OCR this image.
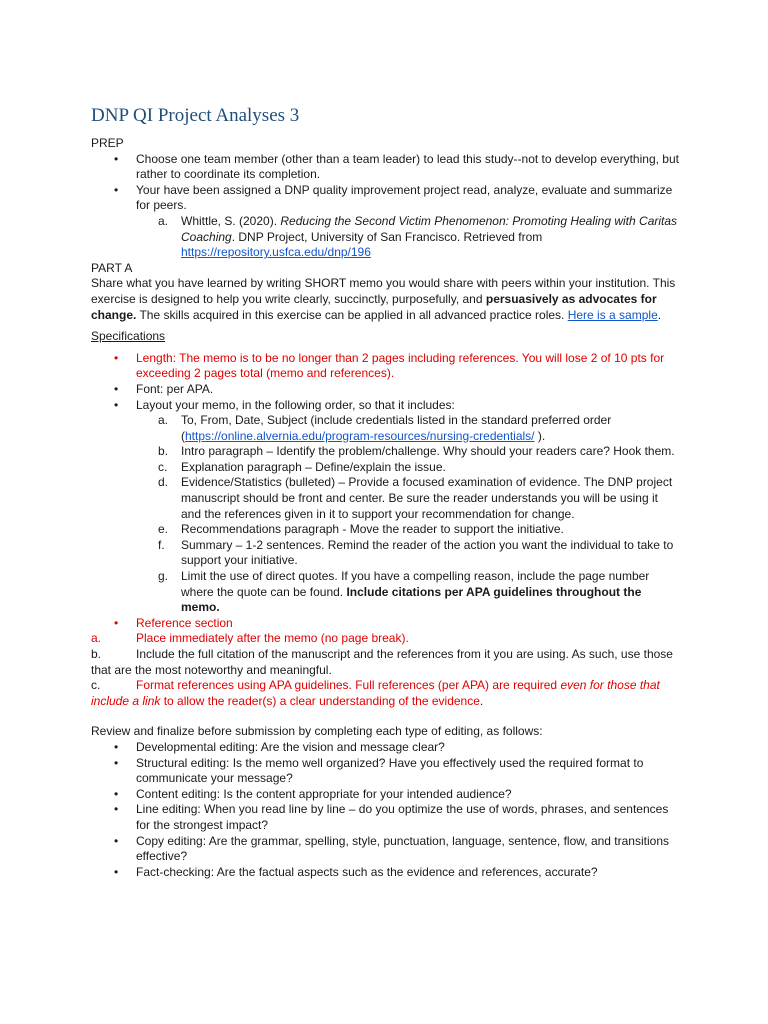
DNP QI Project Analyses 3

PREP

• Choose one team member (other than a team leader) to lead this study--not to develop everything, but rather to coordinate its completion.
• Your have been assigned a DNP quality improvement project read, analyze, evaluate and summarize for peers.
a. Whittle, S. (2020). Reducing the Second Victim Phenomenon: Promoting Healing with Caritas Coaching. DNP Project, University of San Francisco. Retrieved from https://repository.usfca.edu/dnp/196

PART A

Share what you have learned by writing SHORT memo you would share with peers within your institution. This exercise is designed to help you write clearly, succinctly, purposefully, and persuasively as advocates for change. The skills acquired in this exercise can be applied in all advanced practice roles. Here is a sample.

Specifications

• Length: The memo is to be no longer than 2 pages including references. You will lose 2 of 10 pts for exceeding 2 pages total (memo and references).
• Font: per APA.
• Layout your memo, in the following order, so that it includes:
a. To, From, Date, Subject (include credentials listed in the standard preferred order (https://online.alvernia.edu/program-resources/nursing-credentials/ ).
b. Intro paragraph – Identify the problem/challenge. Why should your readers care? Hook them.
c. Explanation paragraph – Define/explain the issue.
d. Evidence/Statistics (bulleted) – Provide a focused examination of evidence. The DNP project manuscript should be front and center. Be sure the reader understands you will be using it and the references given in it to support your recommendation for change.
e. Recommendations paragraph - Move the reader to support the initiative.
f. Summary – 1-2 sentences. Remind the reader of the action you want the individual to take to support your initiative.
g. Limit the use of direct quotes. If you have a compelling reason, include the page number where the quote can be found. Include citations per APA guidelines throughout the memo.
• Reference section
a.	Place immediately after the memo (no page break).

b.	Include the full citation of the manuscript and the references from it you are using. As such, use those that are the most noteworthy and meaningful.

c.	Format references using APA guidelines. Full references (per APA) are required even for those that include a link to allow the reader(s) a clear understanding of the evidence.

Review and finalize before submission by completing each type of editing, as follows:

• Developmental editing: Are the vision and message clear?
• Structural editing: Is the memo well organized? Have you effectively used the required format to communicate your message?
• Content editing: Is the content appropriate for your intended audience?
• Line editing: When you read line by line – do you optimize the use of words, phrases, and sentences for the strongest impact?
• Copy editing: Are the grammar, spelling, style, punctuation, language, sentence, flow, and transitions effective?
• Fact-checking: Are the factual aspects such as the evidence and references, accurate?
